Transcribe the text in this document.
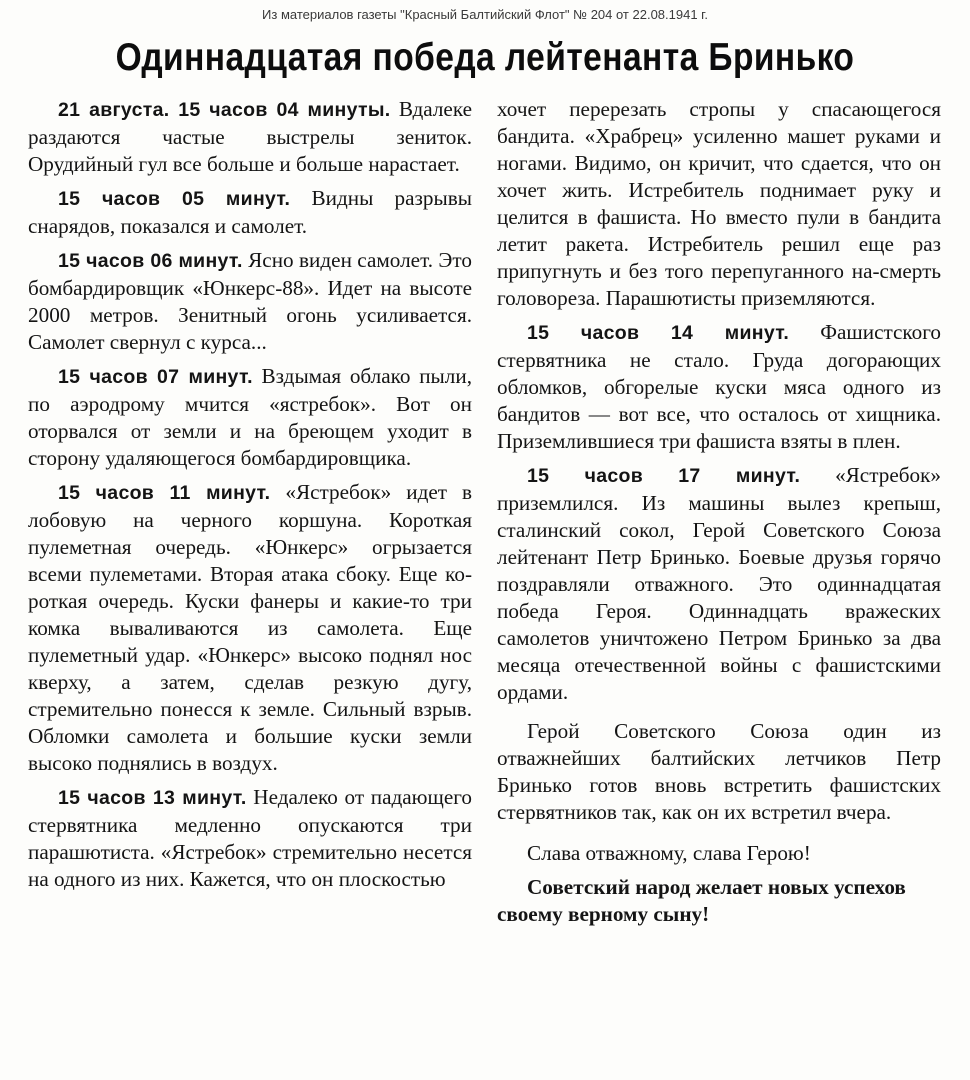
Из материалов газеты "Красный Балтийский Флот" № 204 от 22.08.1941 г.
Одиннадцатая победа лейтенанта Бринько

21 августа. 15 часов 04 минуты. Вдалеке раздаются частые выстрелы зениток. Орудийный гул все больше и больше нарастает.

15 часов 05 минут. Видны разрывы снарядов, показался и самолет.

15 часов 06 минут. Ясно виден самолет. Это бомбардировщик «Юнкерс-88». Идет на высоте 2000 метров. Зенитный огонь усиливается. Самолет свернул с курса...

15 часов 07 минут. Вздымая облако пыли, по аэродрому мчится «ястребок». Вот он оторвался от земли и на бреющем уходит в сторону удаляющегося бомбардировщика.

15 часов 11 минут. «Ястребок» идет в лобовую на черного коршуна. Короткая пулеметная очередь. «Юнкерс» огрызается всеми пулеметами. Вторая атака сбоку. Еще короткая очередь. Куски фанеры и какие-то три комка вываливаются из самолета. Еще пулеметный удар. «Юнкерс» высоко поднял нос кверху, а затем, сделав резкую дугу, стремительно понесся к земле. Сильный взрыв. Обломки самолета и большие куски земли высоко поднялись в воздух.

15 часов 13 минут. Недалеко от падающего стервятника медленно опускаются три парашютиста. «Ястребок» стремительно несется на одного из них. Кажется, что он плоскостью

хочет перерезать стропы у спасающегося бандита. «Храбрец» усиленно машет руками и ногами. Видимо, он кричит, что сдается, что он хочет жить. Истребитель поднимает руку и целится в фашиста. Но вместо пули в бандита летит ракета. Истребитель решил еще раз припугнуть и без того перепуганного на-смерть головорезa. Парашютисты приземляются.

15 часов 14 минут. Фашистского стервятника не стало. Груда догорающих обломков, обгорелые куски мяса одного из бандитов — вот все, что осталось от хищника. Приземлившиеся три фашиста взяты в плен.

15 часов 17 минут. «Ястребок» приземлился. Из машины вылез крепыш, сталинский сокол, Герой Советского Союза лейтенант Петр Бринько. Боевые друзья горячо поздравляли отважного. Это одиннадцатая победа Героя. Одиннадцать вражеских самолетов уничтожено Петром Бринько за два месяца отечественной войны с фашистскими ордами.

Герой Советского Союза один из отважнейших балтийских летчиков Петр Бринько готов вновь встретить фашистских стервятников так, как он их встретил вчера.

Слава отважному, слава Герою!

Советский народ желает новых успехов своему верному сыну!
